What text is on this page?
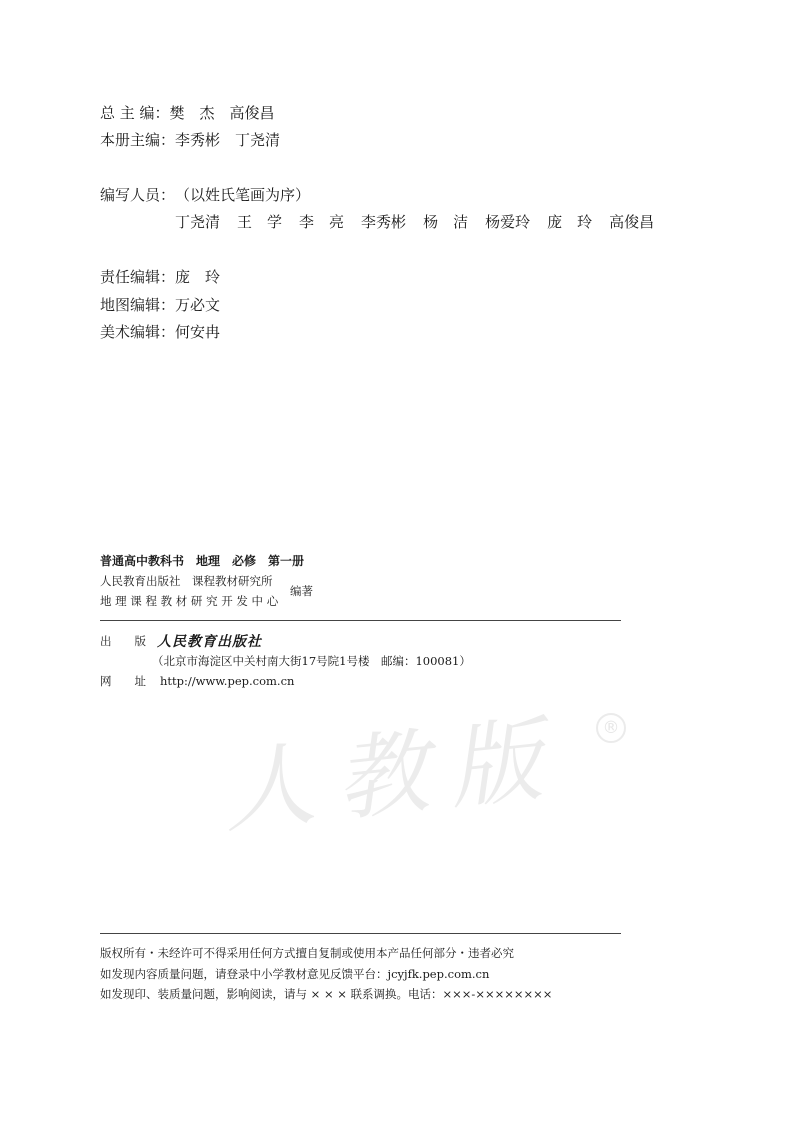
总 主 编：樊　杰　高俊昌
本册主编：李秀彬　丁尧清
编写人员：（以姓氏笔画为序）
丁尧清 王　学 李　亮 李秀彬 杨　洁 杨爱玲 庞　玲 高俊昌
责任编辑：庞　玲
地图编辑：万必文
美术编辑：何安冉
普通高中教科书　地理　必修　第一册
人民教育出版社　课程教材研究所
地 理 课 程 教 材 研 究 开 发 中 心
编著
出　　版 人民教育出版社
（北京市海淀区中关村南大街17号院1号楼　邮编：100081）
网　　址 http://www.pep.com.cn
人教版	®
版权所有・未经许可不得采用任何方式擅自复制或使用本产品任何部分・违者必究
如发现内容质量问题，请登录中小学教材意见反馈平台：jcyjfk.pep.com.cn
如发现印、装质量问题，影响阅读，请与 × × × 联系调换。电话：×××-××××××××
